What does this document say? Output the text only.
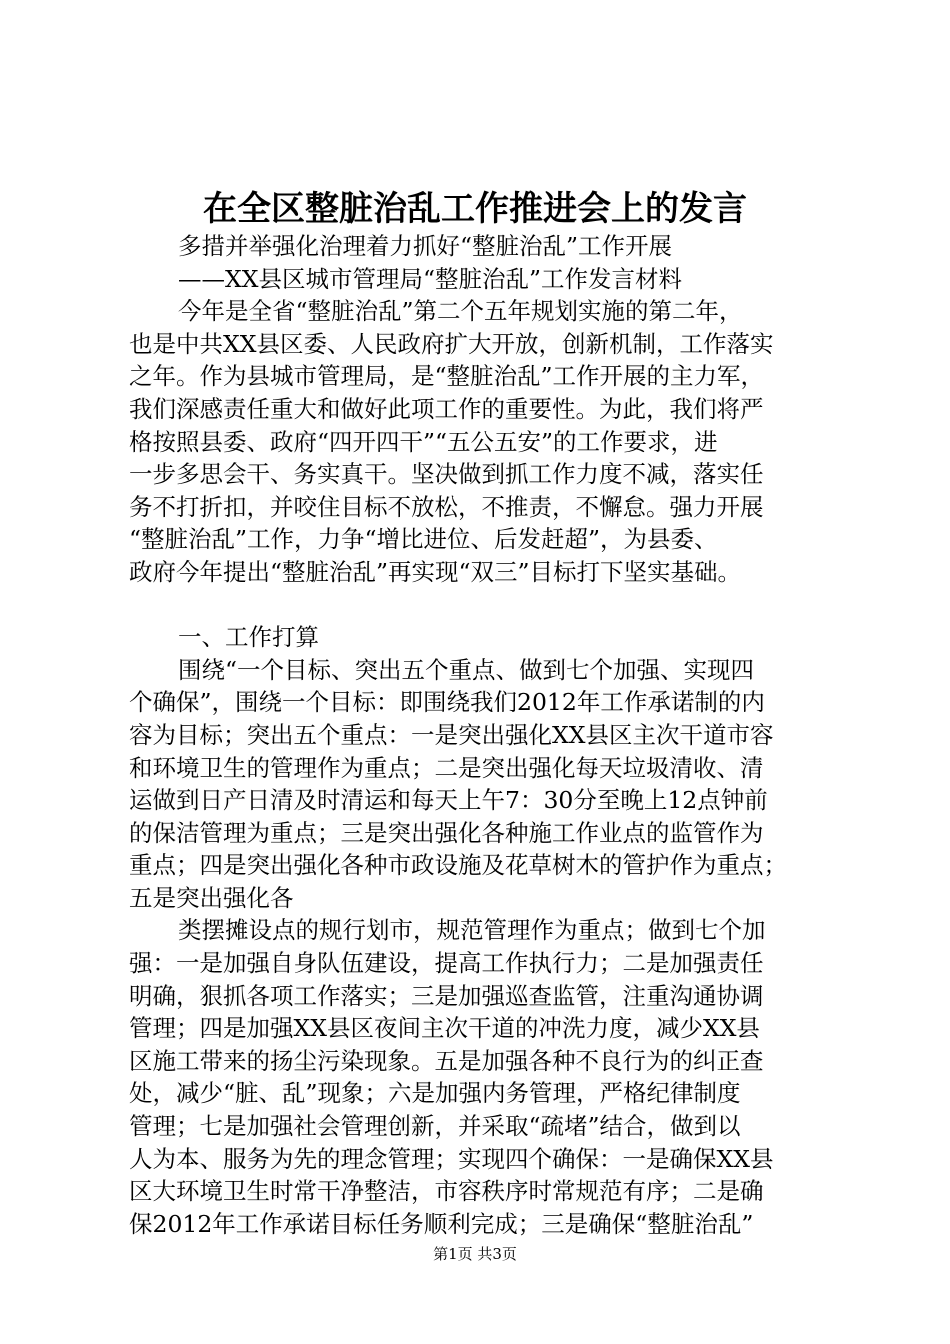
在全区整脏治乱工作推进会上的发言
多措并举强化治理着力抓好“整脏治乱”工作开展
——XX县区城市管理局“整脏治乱”工作发言材料
今年是全省“整脏治乱”第二个五年规划实施的第二年，
也是中共XX县区委、人民政府扩大开放，创新机制，工作落实
之年。作为县城市管理局，是“整脏治乱”工作开展的主力军，
我们深感责任重大和做好此项工作的重要性。为此，我们将严
格按照县委、政府“四开四干”“五公五安”的工作要求，进
一步多思会干、务实真干。坚决做到抓工作力度不减，落实任
务不打折扣，并咬住目标不放松，不推责，不懈怠。强力开展
“整脏治乱”工作，力争“增比进位、后发赶超”，为县委、
政府今年提出“整脏治乱”再实现“双三”目标打下坚实基础。
一、工作打算
围绕“一个目标、突出五个重点、做到七个加强、实现四
个确保”，围绕一个目标：即围绕我们2012年工作承诺制的内
容为目标；突出五个重点：一是突出强化XX县区主次干道市容
和环境卫生的管理作为重点；二是突出强化每天垃圾清收、清
运做到日产日清及时清运和每天上午7：30分至晚上12点钟前
的保洁管理为重点；三是突出强化各种施工作业点的监管作为
重点；四是突出强化各种市政设施及花草树木的管护作为重点；
五是突出强化各
类摆摊设点的规行划市，规范管理作为重点；做到七个加
强：一是加强自身队伍建设，提高工作执行力；二是加强责任
明确，狠抓各项工作落实；三是加强巡查监管，注重沟通协调
管理；四是加强XX县区夜间主次干道的冲洗力度，减少XX县
区施工带来的扬尘污染现象。五是加强各种不良行为的纠正查
处，减少“脏、乱”现象；六是加强内务管理，严格纪律制度
管理；七是加强社会管理创新，并采取“疏堵”结合，做到以
人为本、服务为先的理念管理；实现四个确保：一是确保XX县
区大环境卫生时常干净整洁，市容秩序时常规范有序；二是确
保2012年工作承诺目标任务顺利完成；三是确保“整脏治乱”
第1页 共3页
